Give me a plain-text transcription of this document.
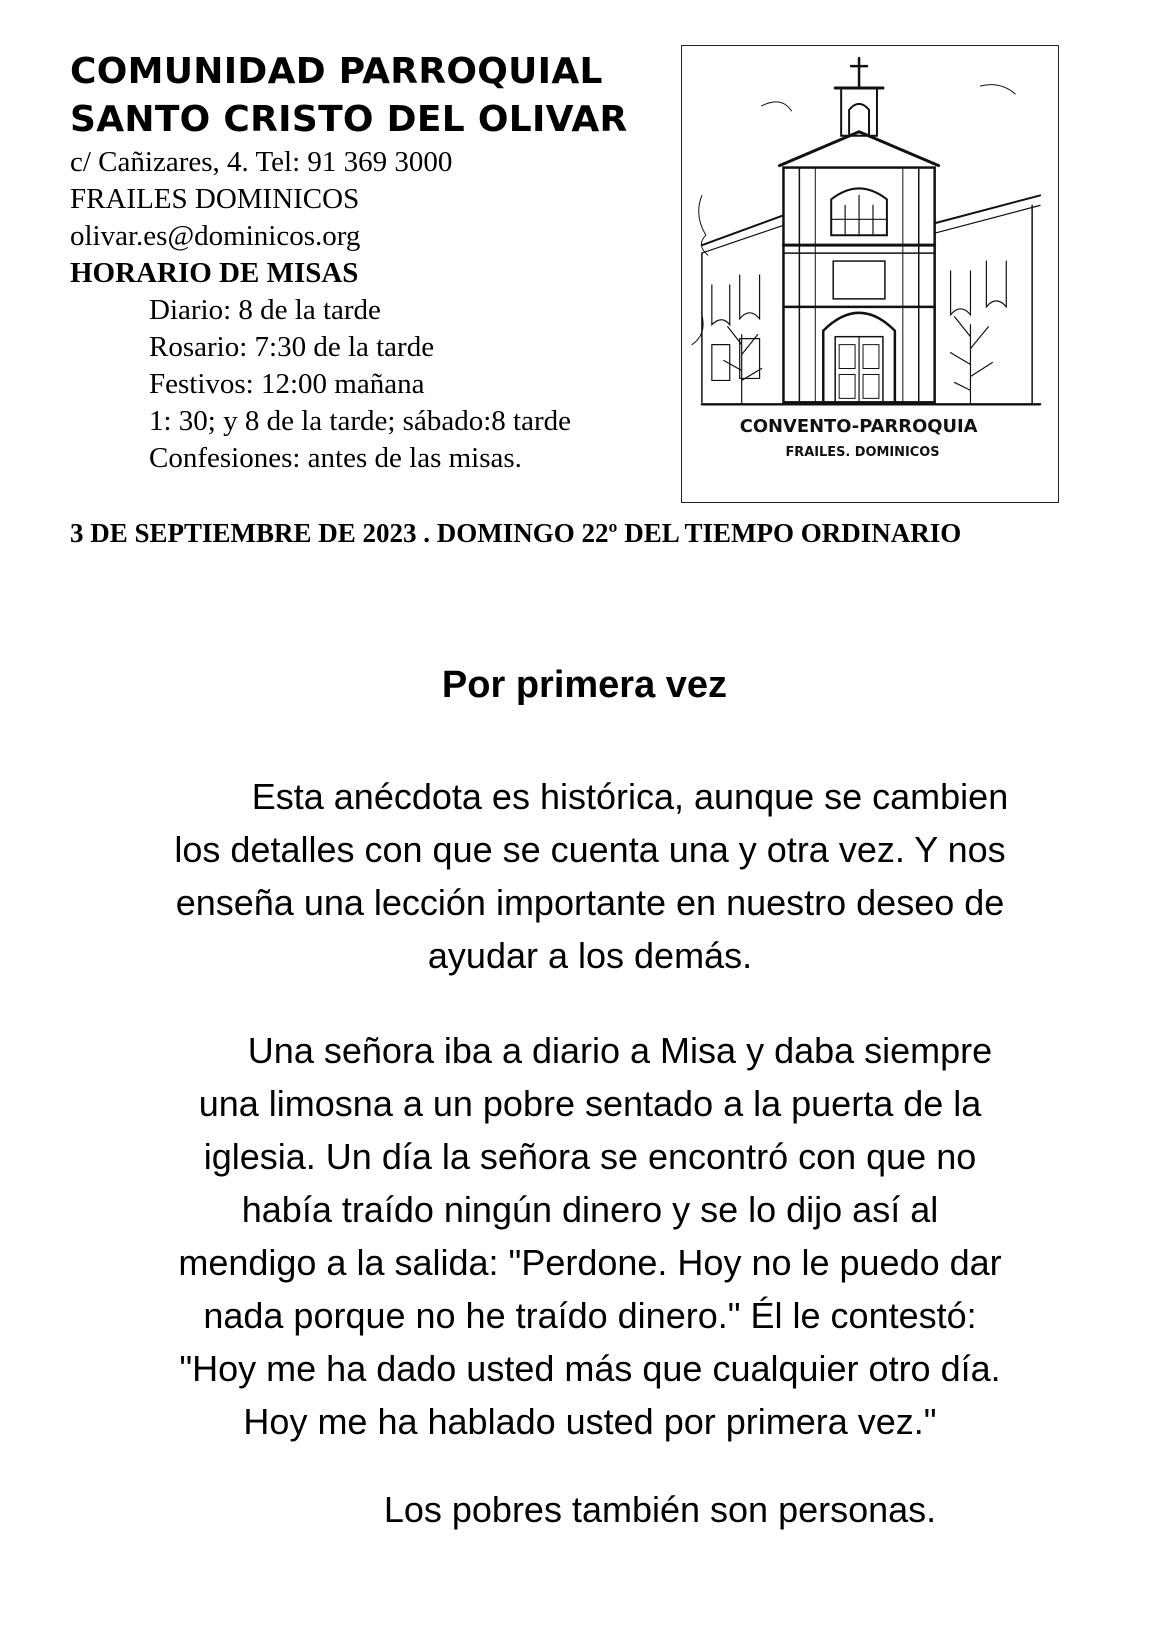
COMUNIDAD PARROQUIAL
SANTO CRISTO DEL OLIVAR
c/ Cañizares, 4. Tel: 91 369 3000
FRAILES DOMINICOS
olivar.es@dominicos.org
HORARIO DE MISAS
Diario: 8 de la tarde
Rosario: 7:30 de la tarde
Festivos: 12:00 mañana
1: 30; y 8 de la tarde; sábado:8 tarde
Confesiones: antes de las misas.
CONVENTO-PARROQUIA
FRAILES. DOMINICOS
3 DE SEPTIEMBRE DE 2023 . DOMINGO 22º DEL TIEMPO ORDINARIO
Por primera vez
Esta anécdota es histórica, aunque se cambien
los detalles con que se cuenta una y otra vez. Y nos
enseña una lección importante en nuestro deseo de
ayudar a los demás.
Una señora iba a diario a Misa y daba siempre
una limosna a un pobre sentado a la puerta de la
iglesia. Un día la señora se encontró con que no
había traído ningún dinero y se lo dijo así al
mendigo a la salida: "Perdone. Hoy no le puedo dar
nada porque no he traído dinero." Él le contestó:
"Hoy me ha dado usted más que cualquier otro día.
Hoy me ha hablado usted por primera vez."
Los pobres también son personas.
